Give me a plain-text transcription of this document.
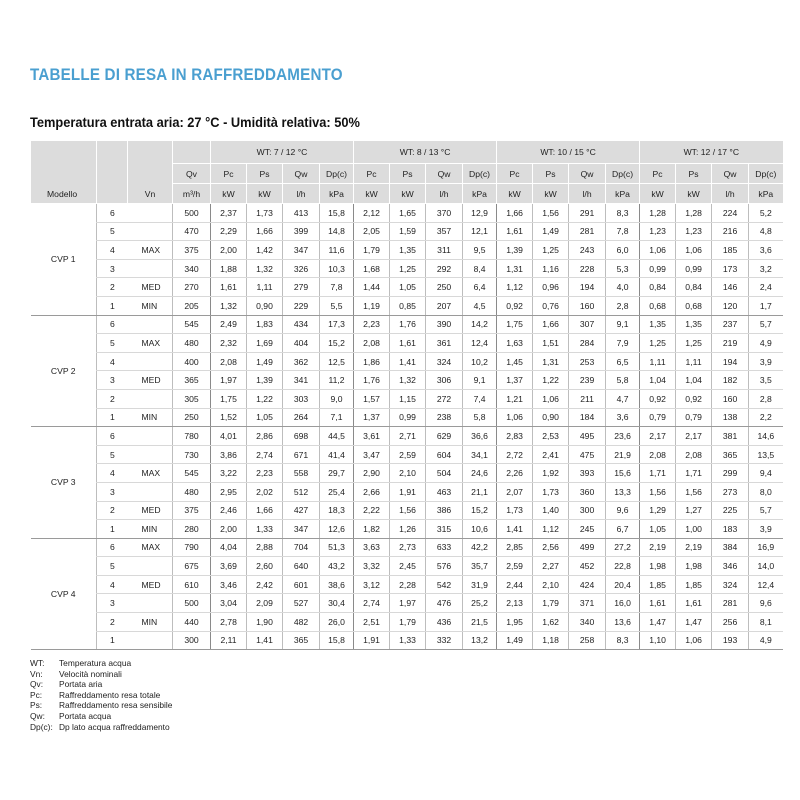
TABELLE DI RESA IN RAFFREDDAMENTO
Temperatura entrata aria: 27 °C - Umidità relativa: 50%
Modello		Vn		WT: 7 / 12 °C				WT: 8 / 13 °C				WT: 10 / 15 °C				WT: 12 / 17 °C			
			Qv	Pc	Ps	Qw	Dp(c)	Pc	Ps	Qw	Dp(c)	Pc	Ps	Qw	Dp(c)	Pc	Ps	Qw	Dp(c)
			m³/h	kW	kW	l/h	kPa	kW	kW	l/h	kPa	kW	kW	l/h	kPa	kW	kW	l/h	kPa
CVP 1	6		500	2,37	1,73	413	15,8	2,12	1,65	370	12,9	1,66	1,56	291	8,3	1,28	1,28	224	5,2
	5		470	2,29	1,66	399	14,8	2,05	1,59	357	12,1	1,61	1,49	281	7,8	1,23	1,23	216	4,8
	4	MAX	375	2,00	1,42	347	11,6	1,79	1,35	311	9,5	1,39	1,25	243	6,0	1,06	1,06	185	3,6
	3		340	1,88	1,32	326	10,3	1,68	1,25	292	8,4	1,31	1,16	228	5,3	0,99	0,99	173	3,2
	2	MED	270	1,61	1,11	279	7,8	1,44	1,05	250	6,4	1,12	0,96	194	4,0	0,84	0,84	146	2,4
	1	MIN	205	1,32	0,90	229	5,5	1,19	0,85	207	4,5	0,92	0,76	160	2,8	0,68	0,68	120	1,7
CVP 2	6		545	2,49	1,83	434	17,3	2,23	1,76	390	14,2	1,75	1,66	307	9,1	1,35	1,35	237	5,7
	5	MAX	480	2,32	1,69	404	15,2	2,08	1,61	361	12,4	1,63	1,51	284	7,9	1,25	1,25	219	4,9
	4		400	2,08	1,49	362	12,5	1,86	1,41	324	10,2	1,45	1,31	253	6,5	1,11	1,11	194	3,9
	3	MED	365	1,97	1,39	341	11,2	1,76	1,32	306	9,1	1,37	1,22	239	5,8	1,04	1,04	182	3,5
	2		305	1,75	1,22	303	9,0	1,57	1,15	272	7,4	1,21	1,06	211	4,7	0,92	0,92	160	2,8
	1	MIN	250	1,52	1,05	264	7,1	1,37	0,99	238	5,8	1,06	0,90	184	3,6	0,79	0,79	138	2,2
CVP 3	6		780	4,01	2,86	698	44,5	3,61	2,71	629	36,6	2,83	2,53	495	23,6	2,17	2,17	381	14,6
	5		730	3,86	2,74	671	41,4	3,47	2,59	604	34,1	2,72	2,41	475	21,9	2,08	2,08	365	13,5
	4	MAX	545	3,22	2,23	558	29,7	2,90	2,10	504	24,6	2,26	1,92	393	15,6	1,71	1,71	299	9,4
	3		480	2,95	2,02	512	25,4	2,66	1,91	463	21,1	2,07	1,73	360	13,3	1,56	1,56	273	8,0
	2	MED	375	2,46	1,66	427	18,3	2,22	1,56	386	15,2	1,73	1,40	300	9,6	1,29	1,27	225	5,7
	1	MIN	280	2,00	1,33	347	12,6	1,82	1,26	315	10,6	1,41	1,12	245	6,7	1,05	1,00	183	3,9
CVP 4	6	MAX	790	4,04	2,88	704	51,3	3,63	2,73	633	42,2	2,85	2,56	499	27,2	2,19	2,19	384	16,9
	5		675	3,69	2,60	640	43,2	3,32	2,45	576	35,7	2,59	2,27	452	22,8	1,98	1,98	346	14,0
	4	MED	610	3,46	2,42	601	38,6	3,12	2,28	542	31,9	2,44	2,10	424	20,4	1,85	1,85	324	12,4
	3		500	3,04	2,09	527	30,4	2,74	1,97	476	25,2	2,13	1,79	371	16,0	1,61	1,61	281	9,6
	2	MIN	440	2,78	1,90	482	26,0	2,51	1,79	436	21,5	1,95	1,62	340	13,6	1,47	1,47	256	8,1
	1		300	2,11	1,41	365	15,8	1,91	1,33	332	13,2	1,49	1,18	258	8,3	1,10	1,06	193	4,9
WT:	Temperatura acqua
Vn:	Velocità nominali
Qv:	Portata aria
Pc:	Raffreddamento resa totale
Ps:	Raffreddamento resa sensibile
Qw:	Portata acqua
Dp(c): Dp lato acqua raffreddamento
